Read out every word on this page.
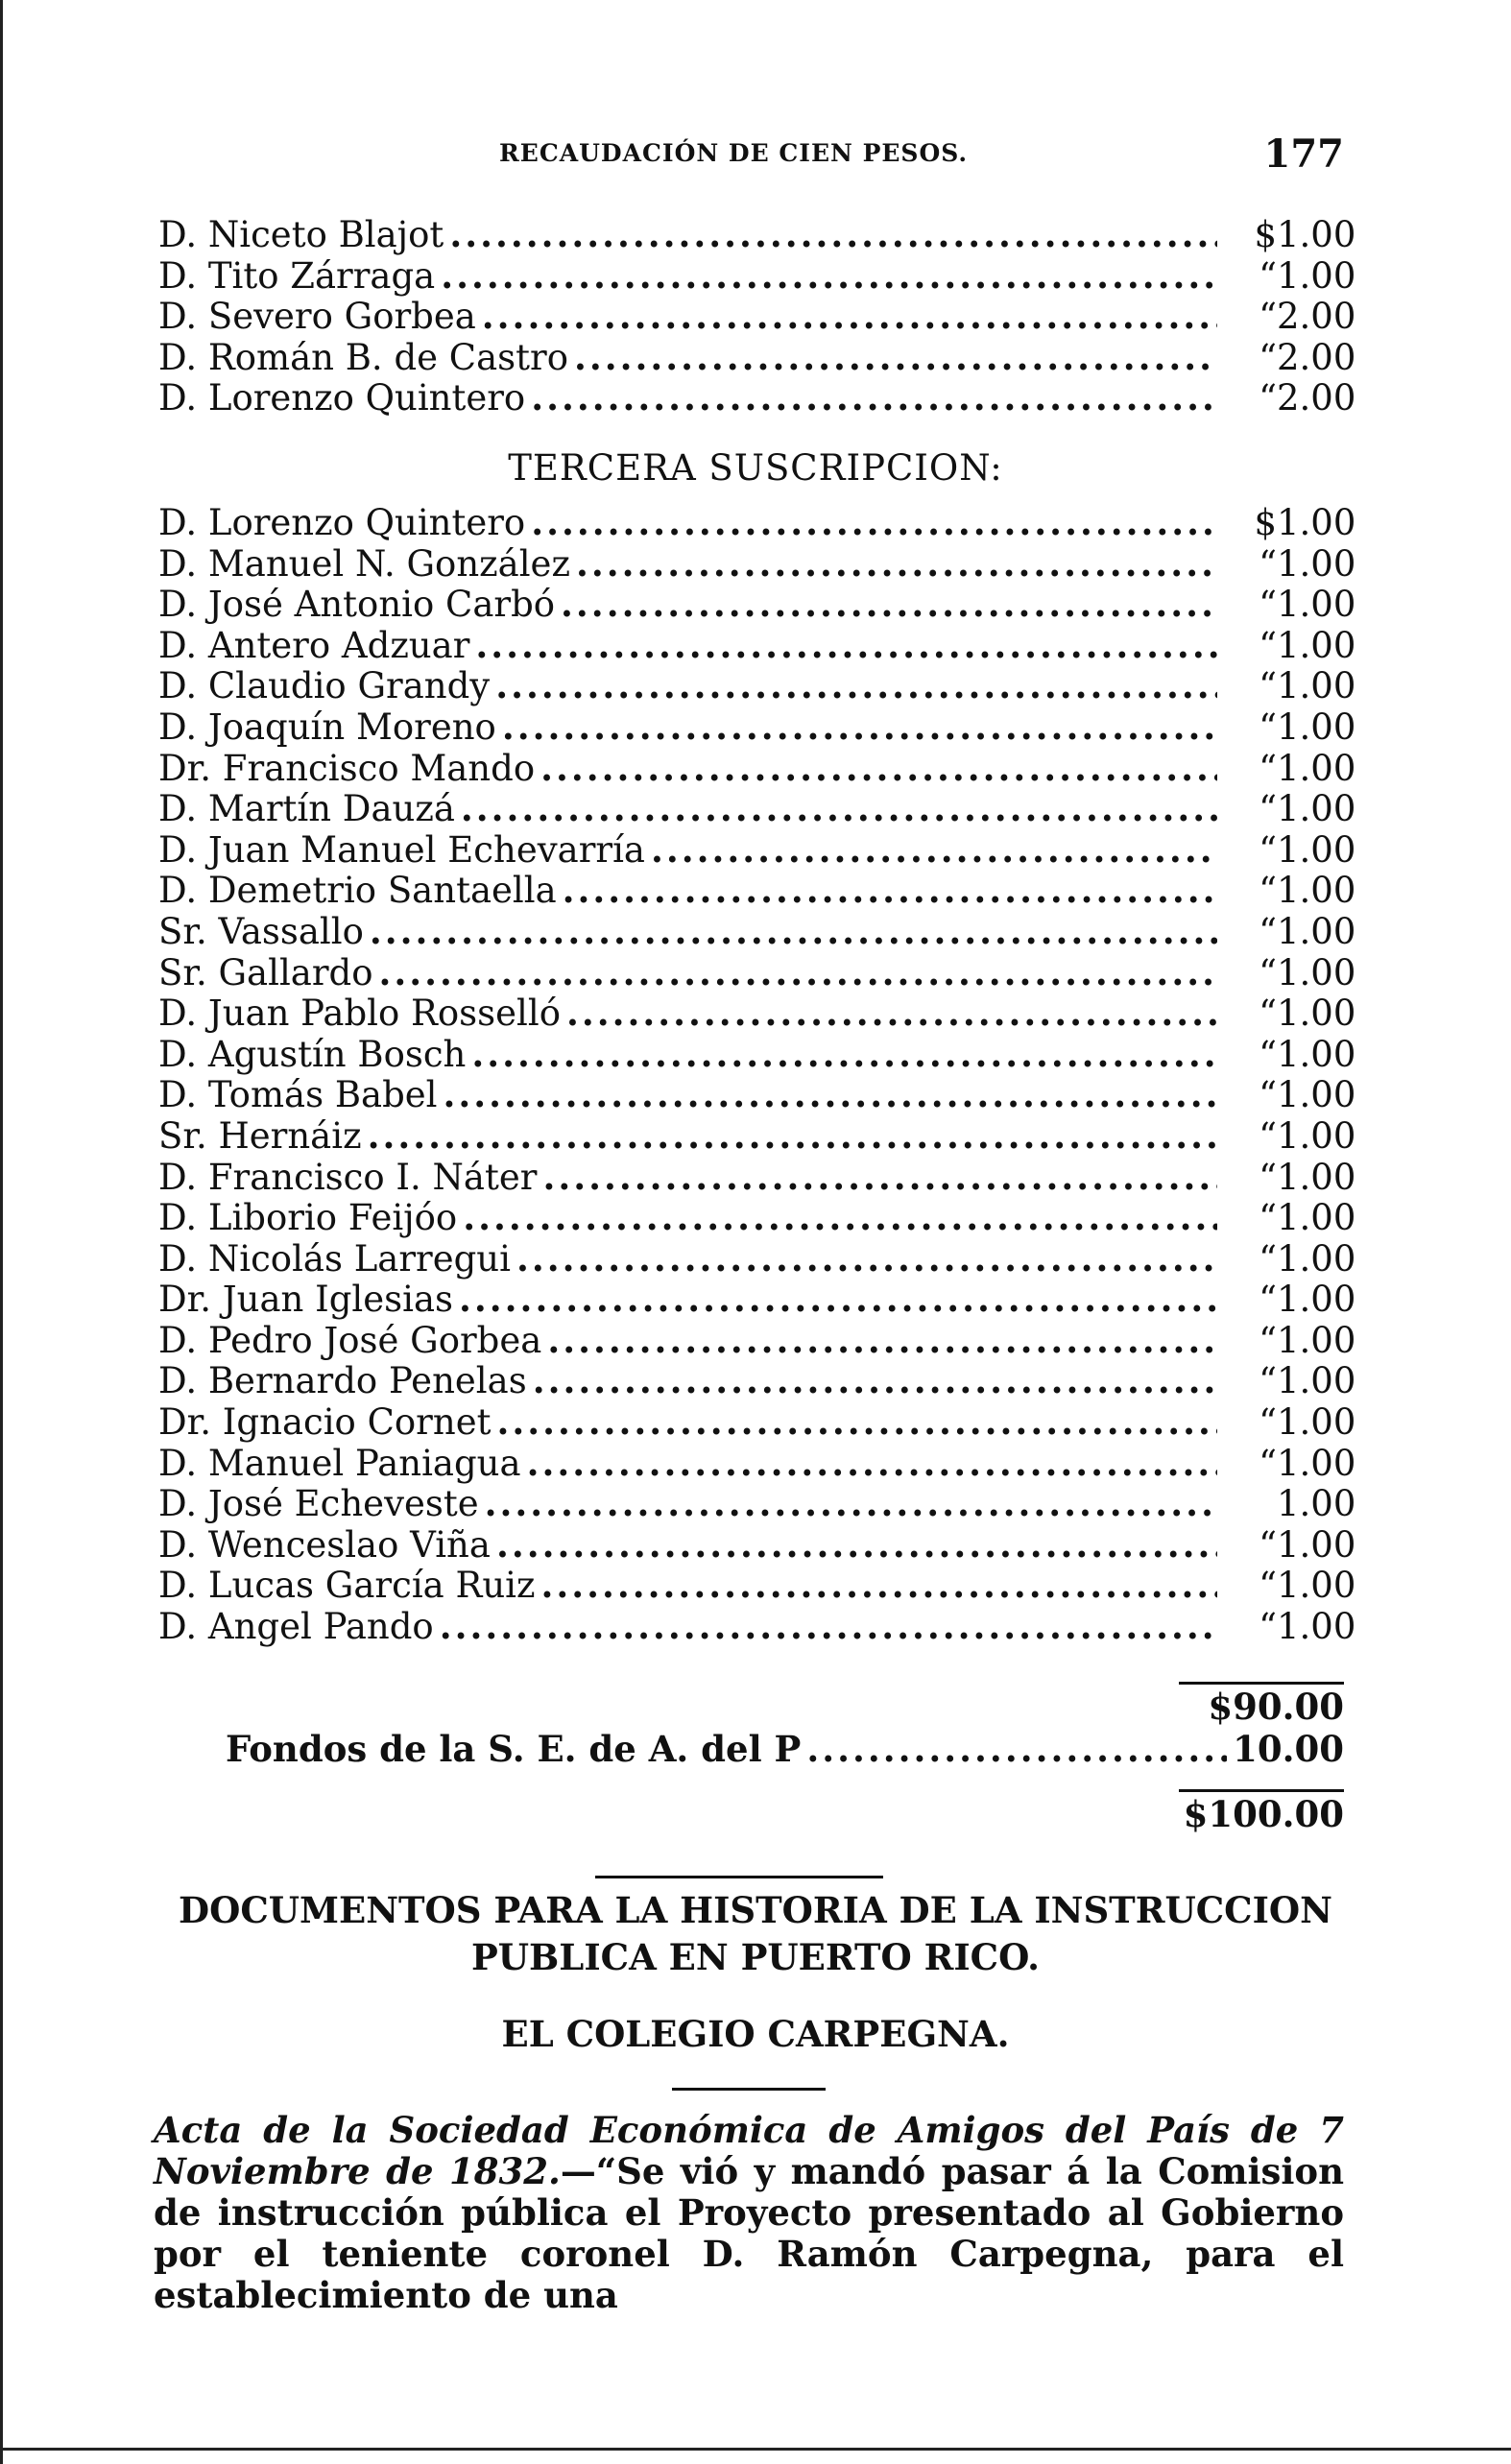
RECAUDACIÓN DE CIEN PESOS.	177
D. Niceto Blajot .....	$ 1.00
D. Tito Zárraga .....	“ 1.00
D. Severo Gorbea .....	“ 2.00
D. Román B. de Castro .....	“ 2.00
D. Lorenzo Quintero .....	“ 2.00
TERCERA SUSCRIPCION:
D. Lorenzo Quintero .....	$ 1.00
D. Manuel N. González .....	“ 1.00
D. José Antonio Carbó .....	“ 1.00
D. Antero Adzuar .....	“ 1.00
D. Claudio Grandy .....	“ 1.00
D. Joaquín Moreno .....	“ 1.00
Dr. Francisco Mando .....	“ 1.00
D. Martín Dauzá .....	“ 1.00
D. Juan Manuel Echevarría .....	“ 1.00
D. Demetrio Santaella .....	“ 1.00
Sr. Vassallo .....	“ 1.00
Sr. Gallardo .....	“ 1.00
D. Juan Pablo Rosselló .....	“ 1.00
D. Agustín Bosch .....	“ 1.00
D. Tomás Babel .....	“ 1.00
Sr. Hernáiz .....	“ 1.00
D. Francisco I. Náter .....	“ 1.00
D. Liborio Feijóo .....	“ 1.00
D. Nicolás Larregui .....	“ 1.00
Dr. Juan Iglesias .....	“ 1.00
D. Pedro José Gorbea .....	“ 1.00
D. Bernardo Penelas .....	“ 1.00
Dr. Ignacio Cornet .....	“ 1.00
D. Manuel Paniagua .....	“ 1.00
D. José Echeveste .....	1.00
D. Wenceslao Viña .....	“ 1.00
D. Lucas García Ruiz .....	“ 1.00
D. Angel Pando .....	“ 1.00
$90.00
Fondos de la S. E. de A. del P .....	10.00
$100.00
DOCUMENTOS PARA LA HISTORIA DE LA INSTRUCCION
PUBLICA EN PUERTO RICO.
EL COLEGIO CARPEGNA.
Acta de la Sociedad Económica de Amigos del País de 7 Noviembre de 1832.—“Se vió y mandó pasar á la Comision de instrucción pública el Proyecto presentado al Gobierno por el teniente coronel D. Ramón Carpegna, para el establecimiento de una
